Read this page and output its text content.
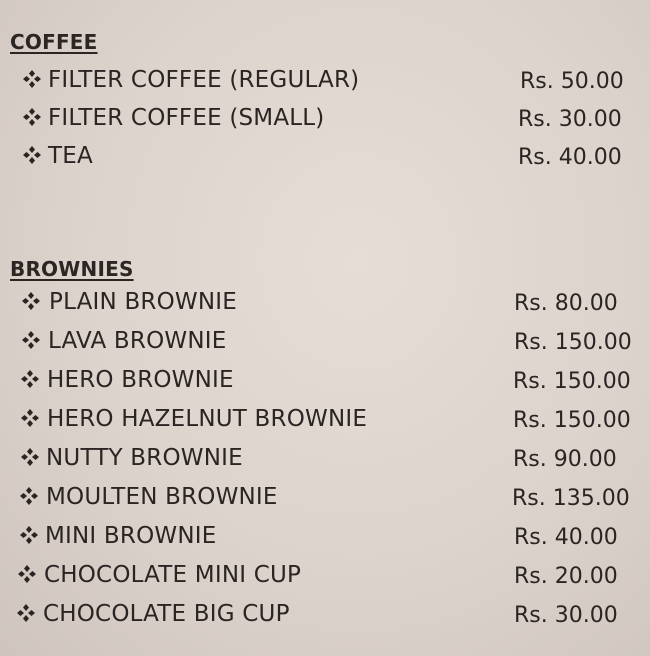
COFFEE
FILTER COFFEE (REGULAR)	Rs. 50.00
FILTER COFFEE (SMALL)	Rs. 30.00
TEA	Rs. 40.00
BROWNIES
PLAIN BROWNIE	Rs. 80.00
LAVA BROWNIE	Rs. 150.00
HERO BROWNIE	Rs. 150.00
HERO HAZELNUT BROWNIE	Rs. 150.00
NUTTY BROWNIE	Rs. 90.00
MOULTEN BROWNIE	Rs. 135.00
MINI BROWNIE	Rs. 40.00
CHOCOLATE MINI CUP	Rs. 20.00
CHOCOLATE BIG CUP	Rs. 30.00
